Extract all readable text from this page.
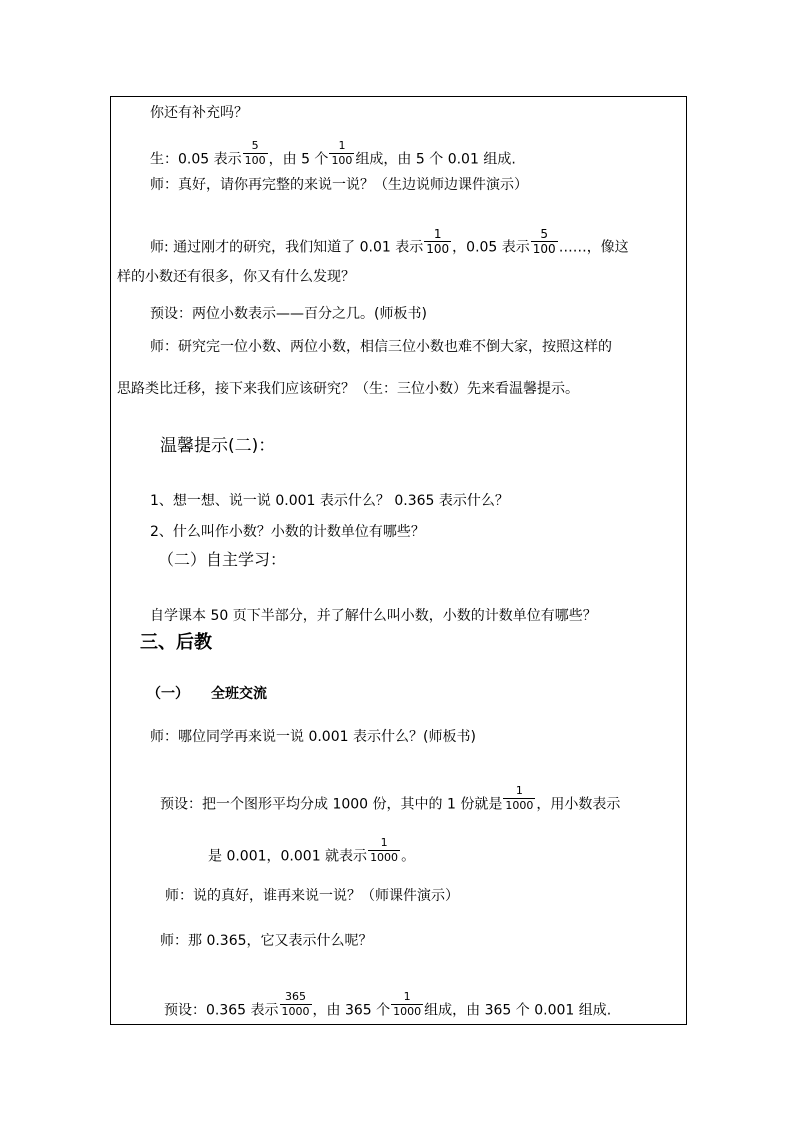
你还有补充吗？
生：0.05 表示 $\frac{5}{100}$ ，由 5 个 $\frac{1}{100}$ 组成，由 5 个 0.01 组成.
师：真好，请你再完整的来说一说？（生边说师边课件演示）
师: 通过刚才的研究，我们知道了 0.01 表示 $\frac{1}{100}$ ，0.05 表示 $\frac{5}{100}$ ……，像这
样的小数还有很多，你又有什么发现？
预设：两位小数表示——百分之几。(师板书)
师：研究完一位小数、两位小数，相信三位小数也难不倒大家，按照这样的
思路类比迁移，接下来我们应该研究？（生：三位小数）先来看温馨提示。
温馨提示(二)：
1、想一想、说一说 0.001 表示什么？ 0.365 表示什么？
2、什么叫作小数？小数的计数单位有哪些？
（二）自主学习：
自学课本 50 页下半部分，并了解什么叫小数，小数的计数单位有哪些？
三、后教
（一） 全班交流
师：哪位同学再来说一说 0.001 表示什么？(师板书)
预设：把一个图形平均分成 1000 份，其中的 1 份就是 $\frac{1}{1000}$ ，用小数表示
是 0.001，0.001 就表示 $\frac{1}{1000}$ 。
师：说的真好，谁再来说一说？（师课件演示）
师：那 0.365，它又表示什么呢？
预设：0.365 表示 $\frac{365}{1000}$ ，由 365 个 $\frac{1}{1000}$ 组成，由 365 个 0.001 组成.
